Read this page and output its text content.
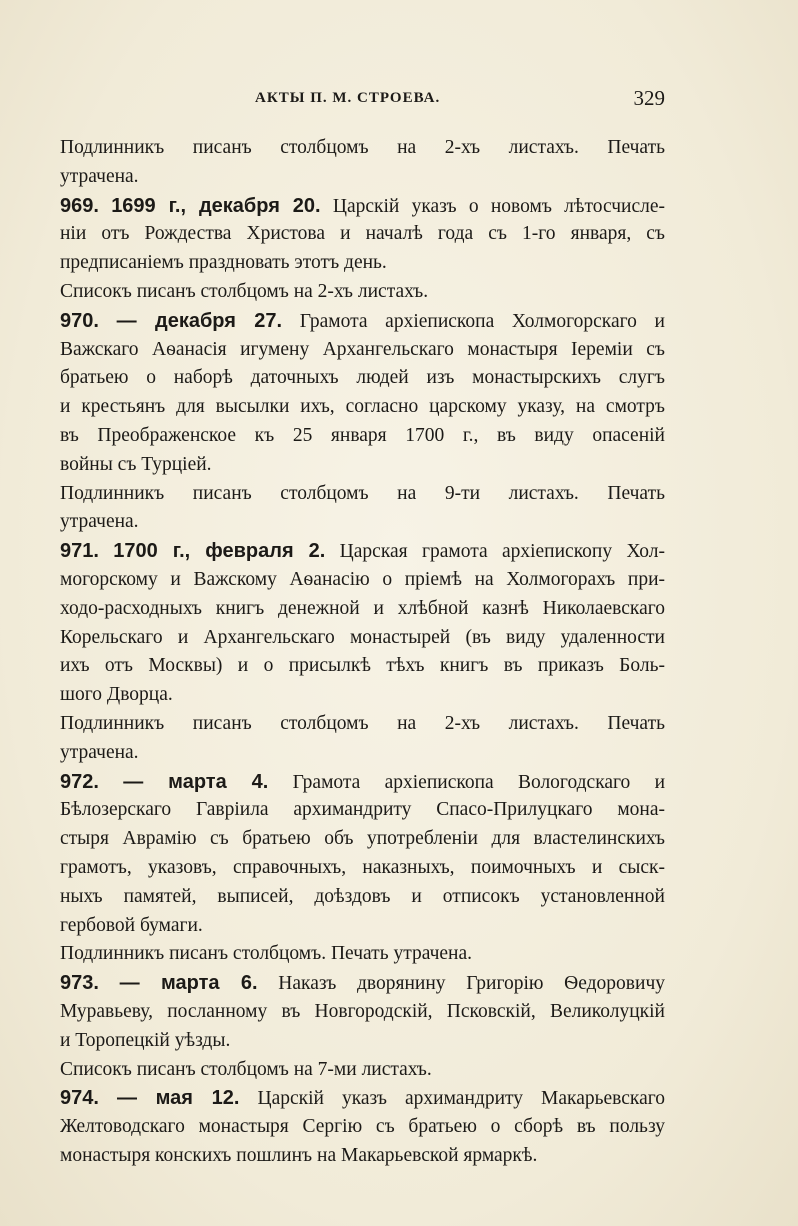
АКТЫ П. М. СТРОЕВА.	329
Подлинникъ писанъ столбцомъ на 2-хъ листахъ. Печать
утрачена.
969. 1699 г., декабря 20. Царскій указъ о новомъ лѣтосчисле-
ніи отъ Рождества Христова и началѣ года съ 1-го января, съ
предписаніемъ праздновать этотъ день.
Списокъ писанъ столбцомъ на 2-хъ листахъ.
970. — декабря 27. Грамота архіепископа Холмогорскаго и
Важскаго Аѳанасія игумену Архангельскаго монастыря Іеремiи съ
братьею о наборѣ даточныхъ людей изъ монастырскихъ слугъ
и крестьянъ для высылки ихъ, согласно царскому указу, на смотръ
въ Преображенское къ 25 января 1700 г., въ виду опасеній
войны съ Турціей.
Подлинникъ писанъ столбцомъ на 9-ти листахъ. Печать
утрачена.
971. 1700 г., февраля 2. Царская грамота архіепископу Хол-
могорскому и Важскому Аѳанасію о пріемѣ на Холмогорахъ при-
ходо-расходныхъ книгъ денежной и хлѣбной казнѣ Николаевскаго
Корельскаго и Архангельскаго монастырей (въ виду удаленности
ихъ отъ Москвы) и о присылкѣ тѣхъ книгъ въ приказъ Боль-
шого Дворца.
Подлинникъ писанъ столбцомъ на 2-хъ листахъ. Печать
утрачена.
972. — марта 4. Грамота архіепископа Вологодскаго и
Бѣлозерскаго Гавріила архимандриту Спасо-Прилуцкаго мона-
стыря Аврамію съ братьею объ употребленіи для властелинскихъ
грамотъ, указовъ, справочныхъ, наказныхъ, поимочныхъ и сыск-
ныхъ памятей, выписей, доѣздовъ и отписокъ установленной
гербовой бумаги.
Подлинникъ писанъ столбцомъ. Печать утрачена.
973. — марта 6. Наказъ дворянину Григорію Ѳедоровичу
Муравьеву, посланному въ Новгородскій, Псковскій, Великолуцкій
и Торопецкій уѣзды.
Списокъ писанъ столбцомъ на 7-ми листахъ.
974. — мая 12. Царскій указъ архимандриту Макарьевскаго
Желтоводскаго монастыря Сергію съ братьею о сборѣ въ пользу
монастыря конскихъ пошлинъ на Макарьевской ярмаркѣ.
